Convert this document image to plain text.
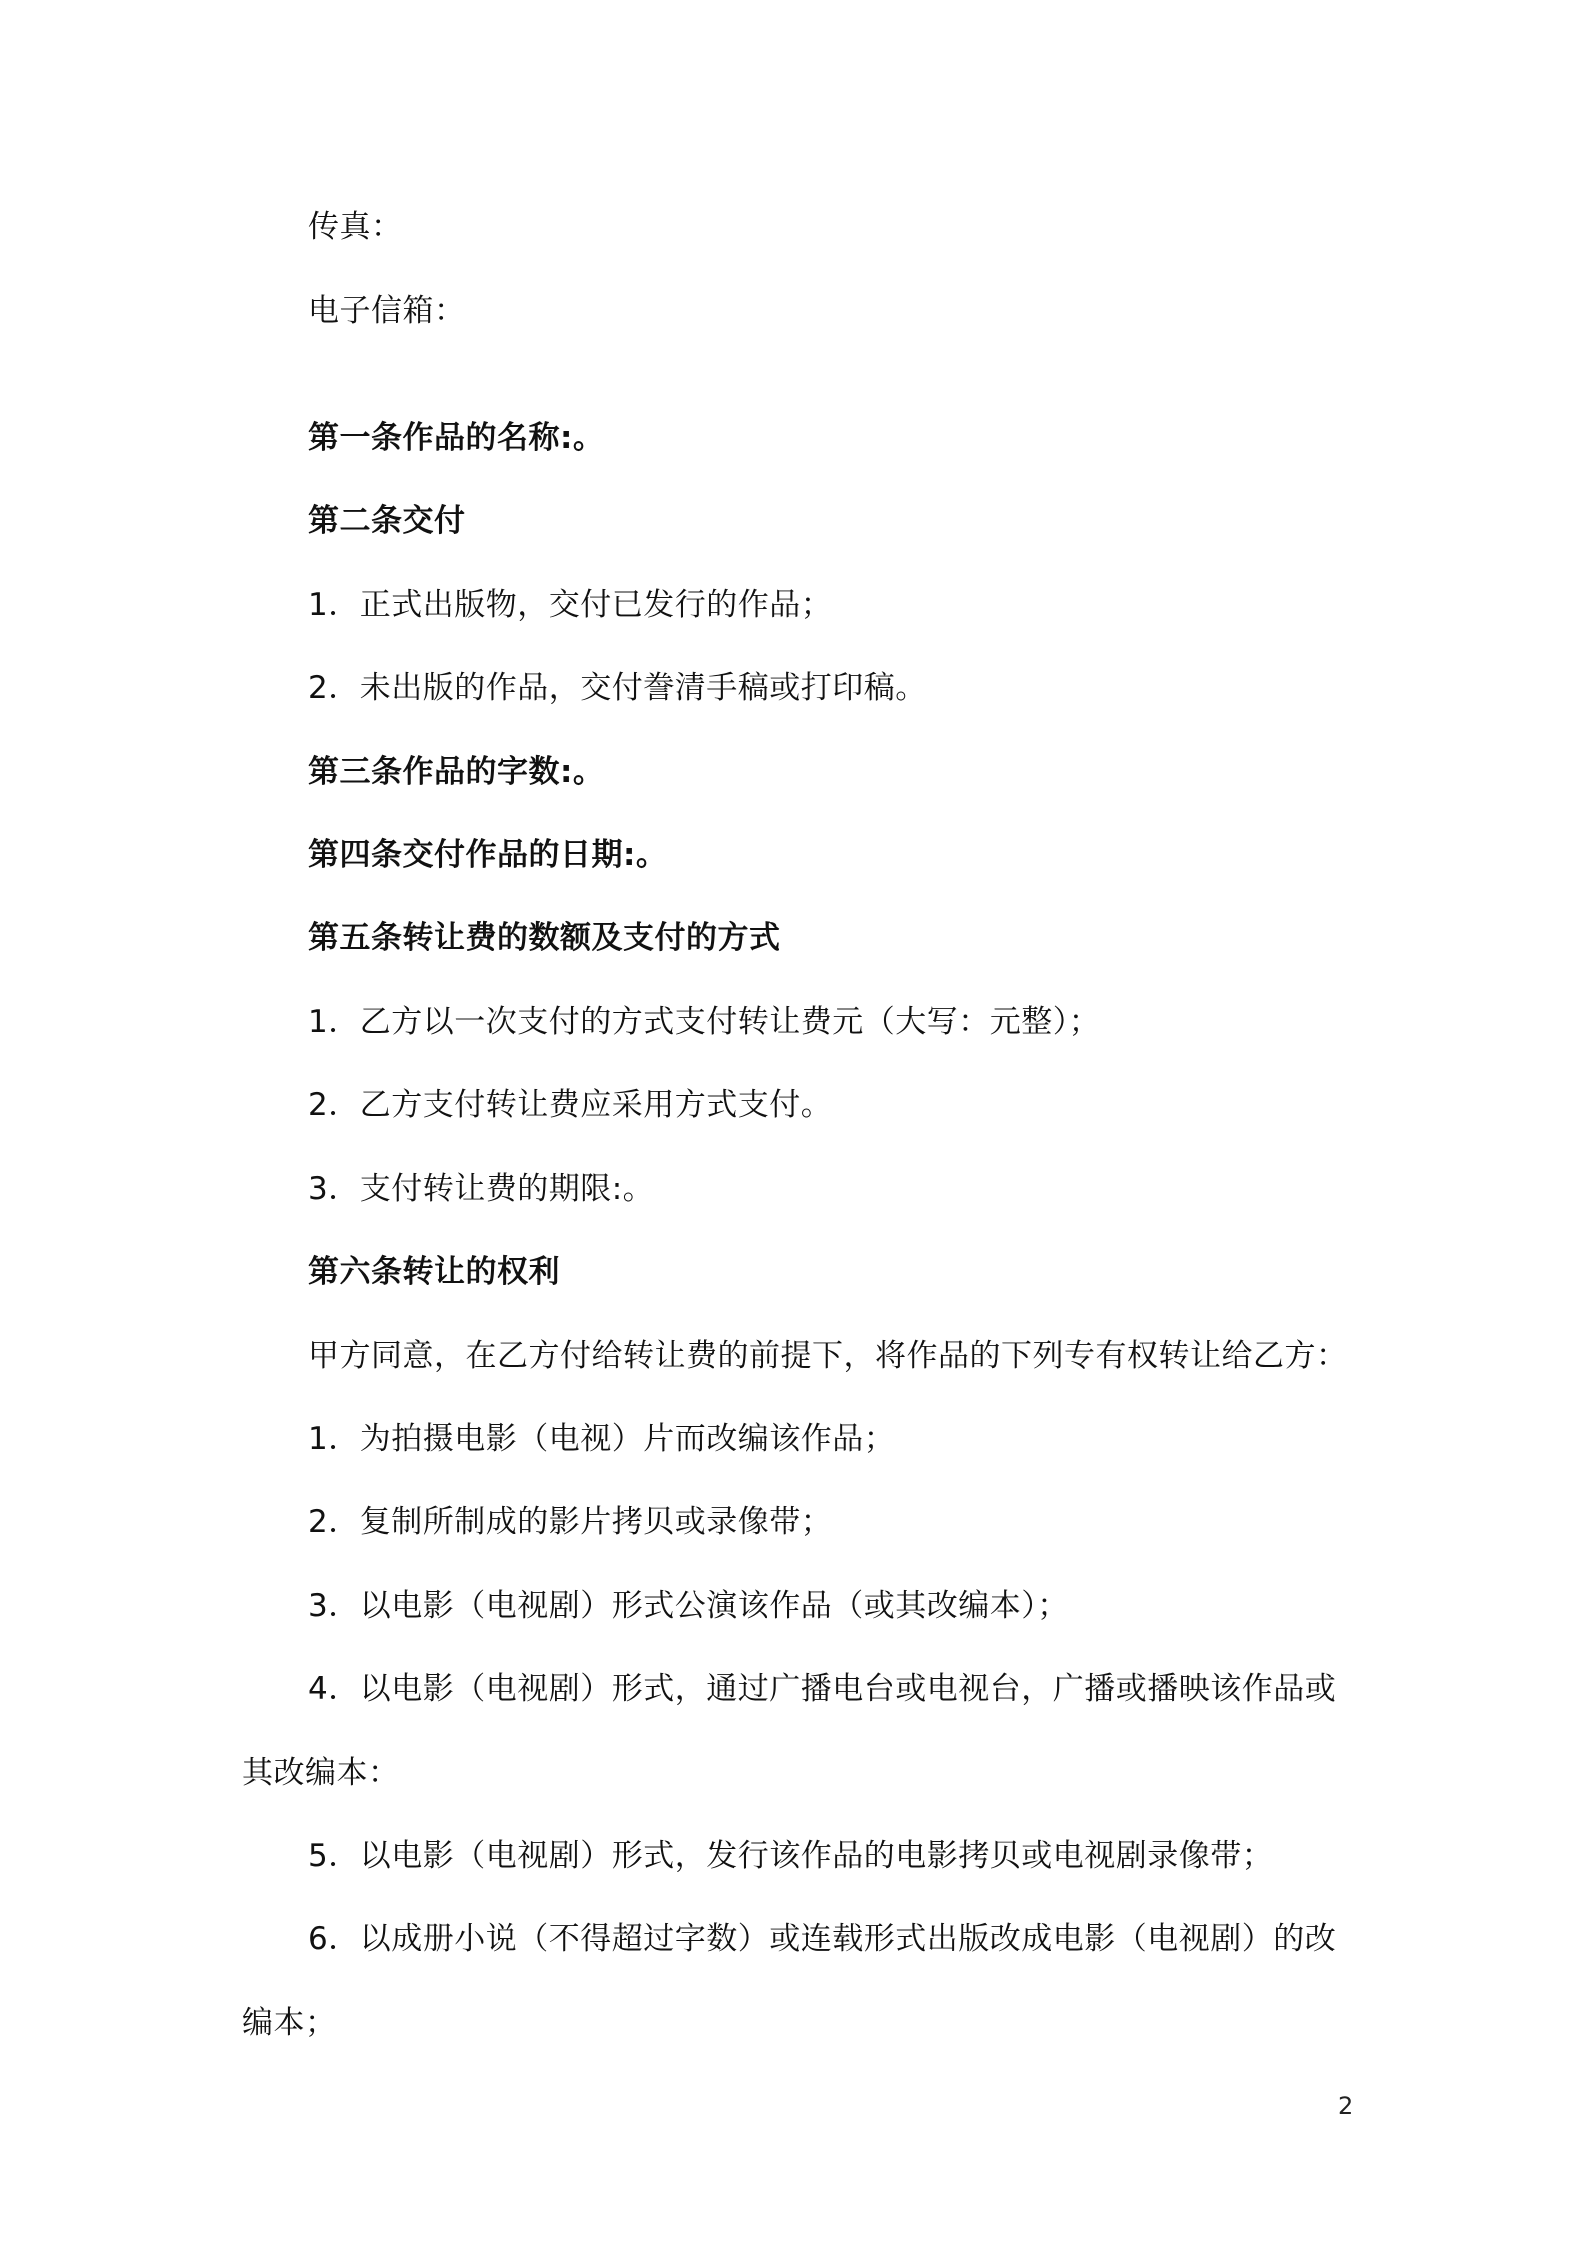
传真：
电子信箱：
第一条作品的名称:。
第二条交付
1．正式出版物，交付已发行的作品；
2．未出版的作品，交付誊清手稿或打印稿。
第三条作品的字数:。
第四条交付作品的日期:。
第五条转让费的数额及支付的方式
1．乙方以一次支付的方式支付转让费元（大写：元整）；
2．乙方支付转让费应采用方式支付。
3．支付转让费的期限:。
第六条转让的权利
甲方同意，在乙方付给转让费的前提下，将作品的下列专有权转让给乙方：
1．为拍摄电影（电视）片而改编该作品；
2．复制所制成的影片拷贝或录像带；
3．以电影（电视剧）形式公演该作品（或其改编本）；
4．以电影（电视剧）形式，通过广播电台或电视台，广播或播映该作品或
其改编本：
5．以电影（电视剧）形式，发行该作品的电影拷贝或电视剧录像带；
6．以成册小说（不得超过字数）或连载形式出版改成电影（电视剧）的改
编本；
2
